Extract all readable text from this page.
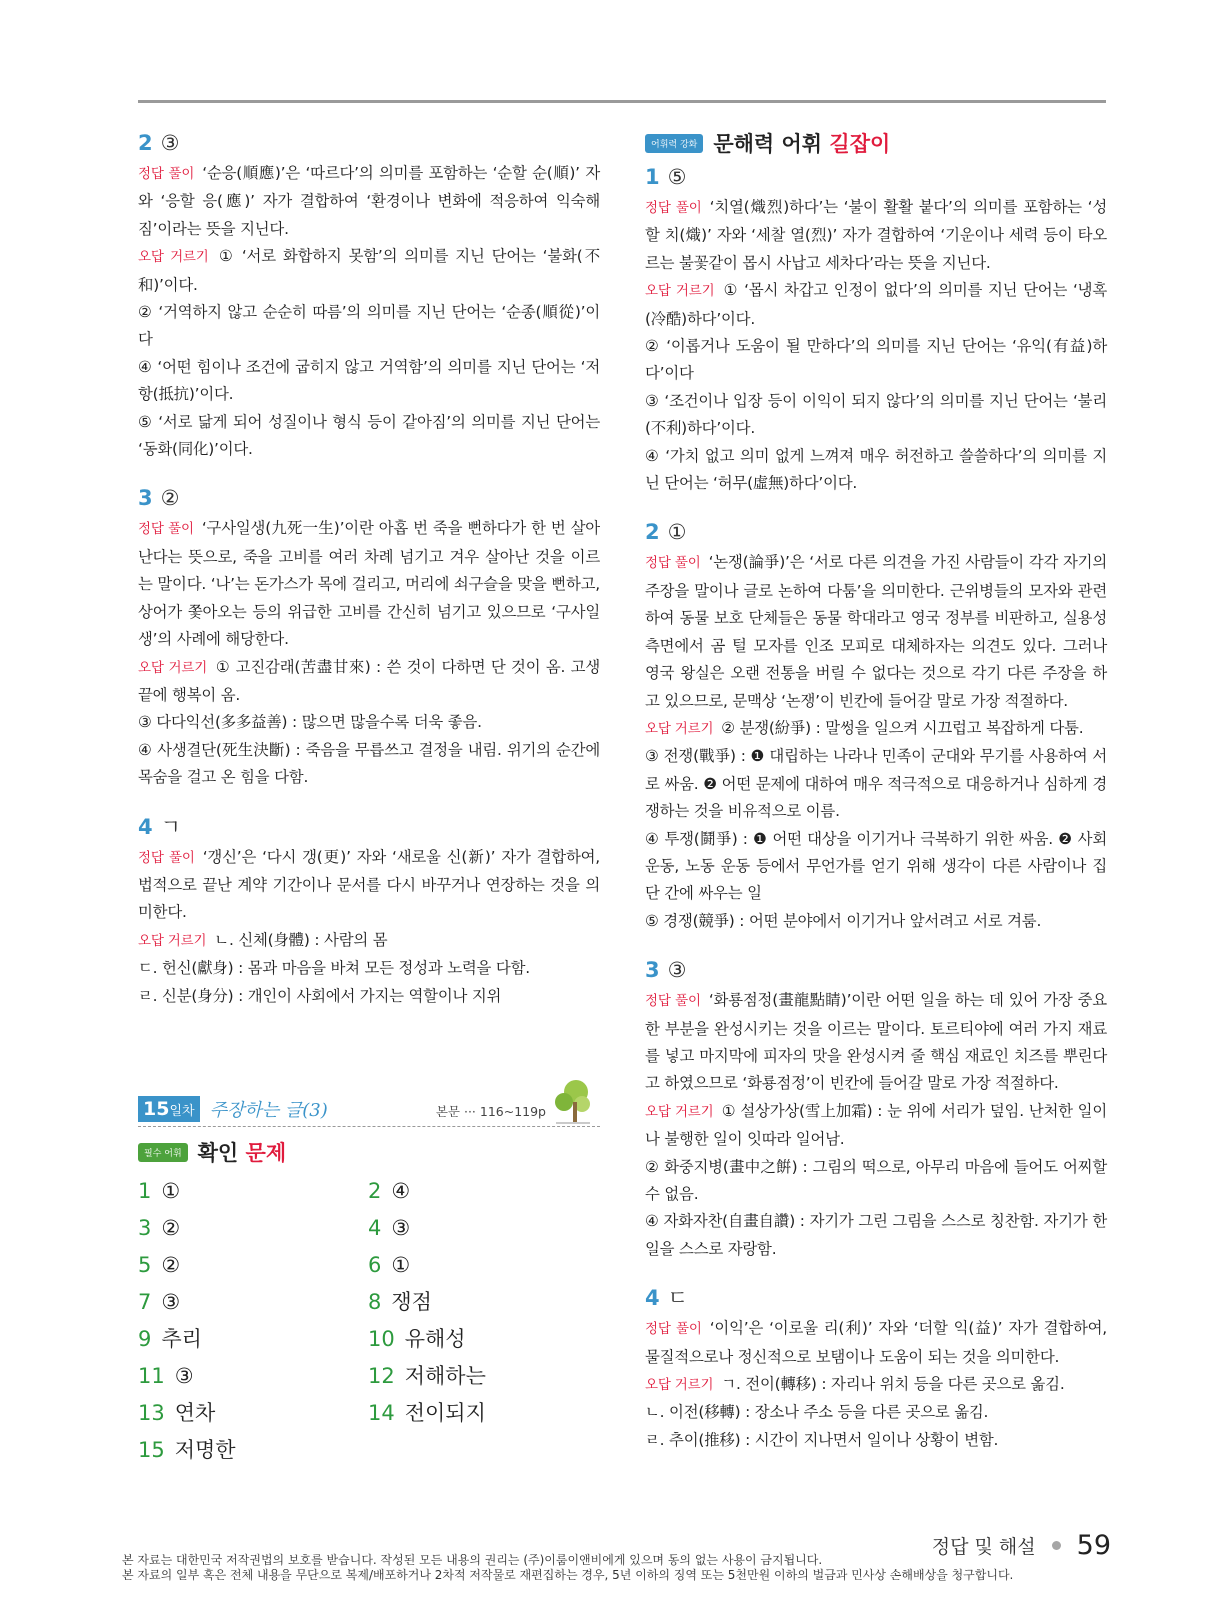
2 ③

정답 풀이 ‘순응(順應)’은 ‘따르다’의 의미를 포함하는 ‘순할 순(順)’ 자와 ‘응할 응(應)’ 자가 결합하여 ‘환경이나 변화에 적응하여 익숙해짐’이라는 뜻을 지닌다.

오답 거르기 ① ‘서로 화합하지 못함’의 의미를 지닌 단어는 ‘불화(不和)’이다.

② ‘거역하지 않고 순순히 따름’의 의미를 지닌 단어는 ‘순종(順從)’이다

④ ‘어떤 힘이나 조건에 굽히지 않고 거역함’의 의미를 지닌 단어는 ‘저항(抵抗)’이다.

⑤ ‘서로 닮게 되어 성질이나 형식 등이 같아짐’의 의미를 지닌 단어는 ‘동화(同化)’이다.

3 ②

정답 풀이 ‘구사일생(九死一生)’이란 아홉 번 죽을 뻔하다가 한 번 살아난다는 뜻으로, 죽을 고비를 여러 차례 넘기고 겨우 살아난 것을 이르는 말이다. ‘나’는 돈가스가 목에 걸리고, 머리에 쇠구슬을 맞을 뻔하고, 상어가 쫓아오는 등의 위급한 고비를 간신히 넘기고 있으므로 ‘구사일생’의 사례에 해당한다.

오답 거르기 ① 고진감래(苦盡甘來) : 쓴 것이 다하면 단 것이 옴. 고생 끝에 행복이 옴.

③ 다다익선(多多益善) : 많으면 많을수록 더욱 좋음.

④ 사생결단(死生決斷) : 죽음을 무릅쓰고 결정을 내림. 위기의 순간에 목숨을 걸고 온 힘을 다함.

4 ㄱ

정답 풀이 ‘갱신’은 ‘다시 갱(更)’ 자와 ‘새로울 신(新)’ 자가 결합하여, 법적으로 끝난 계약 기간이나 문서를 다시 바꾸거나 연장하는 것을 의미한다.

오답 거르기 ㄴ. 신체(身體) : 사람의 몸

ㄷ. 헌신(獻身) : 몸과 마음을 바쳐 모든 정성과 노력을 다함.

ㄹ. 신분(身分) : 개인이 사회에서 가지는 역할이나 지위

15일차 주장하는 글(3)	본문 ··· 116~119p
필수 어휘 확인 문제
1 ①	2 ④
3 ②	4 ③
5 ②	6 ①
7 ③	8 쟁점
9 추리	10 유해성
11 ③	12 저해하는
13 연차	14 전이되지
15 저명한
어휘력 강화 문해력 어휘 길잡이
1 ⑤

정답 풀이 ‘치열(熾烈)하다’는 ‘불이 활활 붙다’의 의미를 포함하는 ‘성할 치(熾)’ 자와 ‘세찰 열(烈)’ 자가 결합하여 ‘기운이나 세력 등이 타오르는 불꽃같이 몹시 사납고 세차다’라는 뜻을 지닌다.

오답 거르기 ① ‘몹시 차갑고 인정이 없다’의 의미를 지닌 단어는 ‘냉혹(冷酷)하다’이다.

② ‘이롭거나 도움이 될 만하다’의 의미를 지닌 단어는 ‘유익(有益)하다’이다

③ ‘조건이나 입장 등이 이익이 되지 않다’의 의미를 지닌 단어는 ‘불리(不利)하다’이다.

④ ‘가치 없고 의미 없게 느껴져 매우 허전하고 쓸쓸하다’의 의미를 지닌 단어는 ‘허무(虛無)하다’이다.

2 ①

정답 풀이 ‘논쟁(論爭)’은 ‘서로 다른 의견을 가진 사람들이 각각 자기의 주장을 말이나 글로 논하여 다툼’을 의미한다. 근위병들의 모자와 관련하여 동물 보호 단체들은 동물 학대라고 영국 정부를 비판하고, 실용성 측면에서 곰 털 모자를 인조 모피로 대체하자는 의견도 있다. 그러나 영국 왕실은 오랜 전통을 버릴 수 없다는 것으로 각기 다른 주장을 하고 있으므로, 문맥상 ‘논쟁’이 빈칸에 들어갈 말로 가장 적절하다.

오답 거르기 ② 분쟁(紛爭) : 말썽을 일으켜 시끄럽고 복잡하게 다툼.

③ 전쟁(戰爭) : ❶ 대립하는 나라나 민족이 군대와 무기를 사용하여 서로 싸움. ❷ 어떤 문제에 대하여 매우 적극적으로 대응하거나 심하게 경쟁하는 것을 비유적으로 이름.

④ 투쟁(鬪爭) : ❶ 어떤 대상을 이기거나 극복하기 위한 싸움. ❷ 사회 운동, 노동 운동 등에서 무언가를 얻기 위해 생각이 다른 사람이나 집단 간에 싸우는 일

⑤ 경쟁(競爭) : 어떤 분야에서 이기거나 앞서려고 서로 겨룸.

3 ③

정답 풀이 ‘화룡점정(畫龍點睛)’이란 어떤 일을 하는 데 있어 가장 중요한 부분을 완성시키는 것을 이르는 말이다. 토르티야에 여러 가지 재료를 넣고 마지막에 피자의 맛을 완성시켜 줄 핵심 재료인 치즈를 뿌린다고 하였으므로 ‘화룡점정’이 빈칸에 들어갈 말로 가장 적절하다.

오답 거르기 ① 설상가상(雪上加霜) : 눈 위에 서리가 덮임. 난처한 일이나 불행한 일이 잇따라 일어남.

② 화중지병(畫中之餠) : 그림의 떡으로, 아무리 마음에 들어도 어찌할 수 없음.

④ 자화자찬(自畫自讚) : 자기가 그린 그림을 스스로 칭찬함. 자기가 한 일을 스스로 자랑함.

4 ㄷ

정답 풀이 ‘이익’은 ‘이로울 리(利)’ 자와 ‘더할 익(益)’ 자가 결합하여, 물질적으로나 정신적으로 보탬이나 도움이 되는 것을 의미한다.

오답 거르기 ㄱ. 전이(轉移) : 자리나 위치 등을 다른 곳으로 옮김.

ㄴ. 이전(移轉) : 장소나 주소 등을 다른 곳으로 옮김.

ㄹ. 추이(推移) : 시간이 지나면서 일이나 상황이 변함.

정답 및 해설 59
본 자료는 대한민국 저작권법의 보호를 받습니다. 작성된 모든 내용의 권리는 (주)이룸이앤비에게 있으며 동의 없는 사용이 금지됩니다.
본 자료의 일부 혹은 전체 내용을 무단으로 복제/배포하거나 2차적 저작물로 재편집하는 경우, 5년 이하의 징역 또는 5천만원 이하의 벌금과 민사상 손해배상을 청구합니다.
